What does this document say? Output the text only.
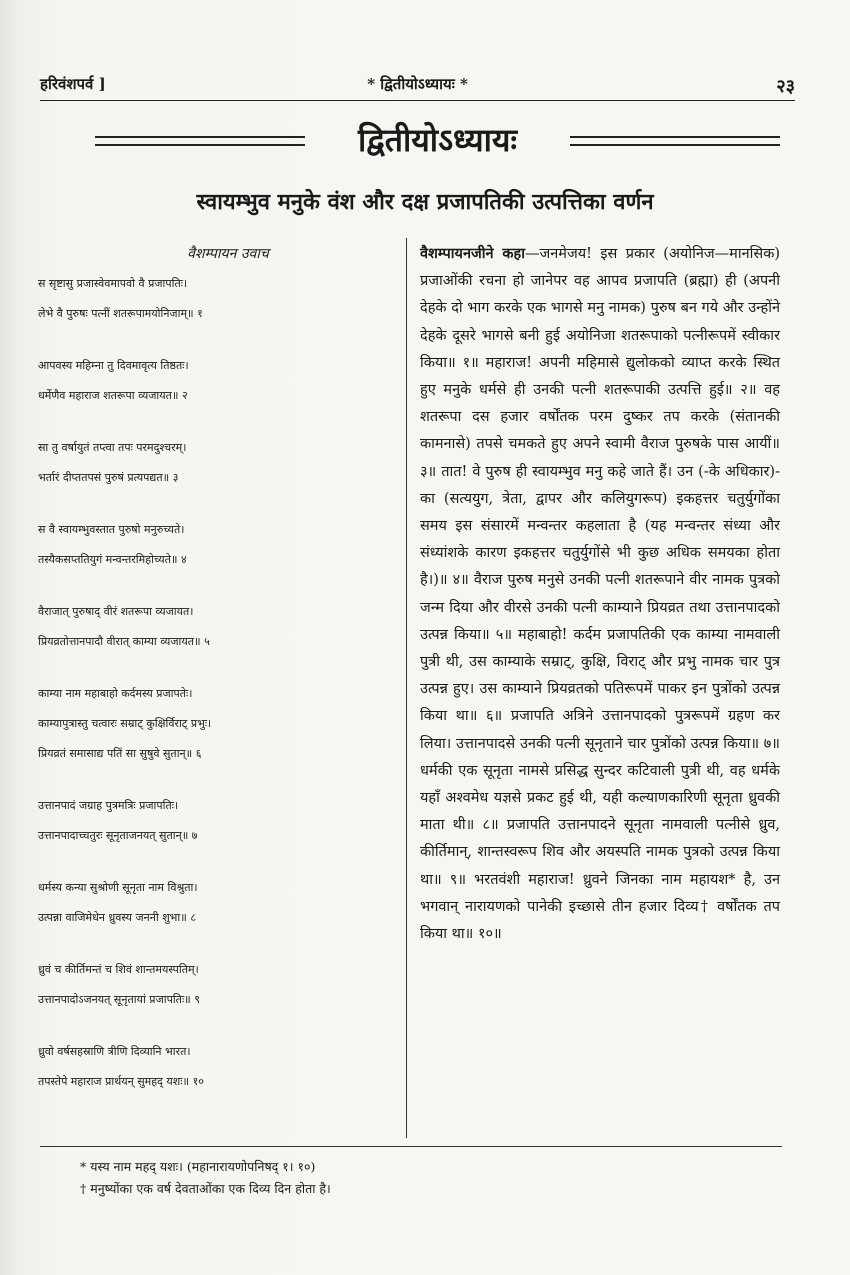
हरिवंशपर्व ]	* द्वितीयोऽध्यायः *	२३
द्वितीयोऽध्यायः
स्वायम्भुव मनुके वंश और दक्ष प्रजापतिकी उत्पत्तिका वर्णन
वैशम्पायन उवाच
स सृष्टासु प्रजास्वेवमापवो वै प्रजापतिः।
लेभे वै पुरुषः पत्नीं शतरूपामयोनिजाम्॥ १
आपवस्य महिम्ना तु दिवमावृत्य तिष्ठतः।
धर्मेणैव महाराज शतरूपा व्यजायत॥ २
सा तु वर्षायुतं तप्त्वा तपः परमदुश्चरम्।
भर्तारं दीप्ततपसं पुरुषं प्रत्यपद्यत॥ ३
स वै स्वायम्भुवस्तात पुरुषो मनुरुच्यते।
तस्यैकसप्ततियुगं मन्वन्तरमिहोच्यते॥ ४
वैराजात् पुरुषाद् वीरं शतरूपा व्यजायत।
प्रियव्रतोत्तानपादौ वीरात् काम्या व्यजायत॥ ५
काम्या नाम महाबाहो कर्दमस्य प्रजापतेः।
काम्यापुत्रास्तु चत्वारः सम्राट् कुक्षिर्विराट् प्रभुः।
प्रियव्रतं समासाद्य पतिं सा सुषुवे सुतान्॥ ६
उत्तानपादं जग्राह पुत्रमत्रिः प्रजापतिः।
उत्तानपादाच्चतुरः सूनृताजनयत् सुतान्॥ ७
धर्मस्य कन्या सुश्रोणी सूनृता नाम विश्रुता।
उत्पन्ना वाजिमेधेन ध्रुवस्य जननी शुभा॥ ८
ध्रुवं च कीर्तिमन्तं च शिवं शान्तमयस्पतिम्।
उत्तानपादोऽजनयत् सूनृतायां प्रजापतिः॥ ९
ध्रुवो वर्षसहस्राणि त्रीणि दिव्यानि भारत।
तपस्तेपे महाराज प्रार्थयन् सुमहद् यशः॥ १०
वैशम्पायनजीने कहा—जनमेजय! इस प्रकार (अयोनिज—मानसिक) प्रजाओंकी रचना हो जानेपर वह आपव प्रजापति (ब्रह्मा) ही (अपनी देहके दो भाग करके एक भागसे मनु नामक) पुरुष बन गये और उन्होंने देहके दूसरे भागसे बनी हुई अयोनिजा शतरूपाको पत्नीरूपमें स्वीकार किया॥ १॥ महाराज! अपनी महिमासे द्युलोकको व्याप्त करके स्थित हुए मनुके धर्मसे ही उनकी पत्नी शतरूपाकी उत्पत्ति हुई॥ २॥ वह शतरूपा दस हजार वर्षोंतक परम दुष्कर तप करके (संतानकी कामनासे) तपसे चमकते हुए अपने स्वामी वैराज पुरुषके पास आयीं॥ ३॥ तात! वे पुरुष ही स्वायम्भुव मनु कहे जाते हैं। उन (-के अधिकार)-का (सत्ययुग, त्रेता, द्वापर और कलियुगरूप) इकहत्तर चतुर्युगोंका समय इस संसारमें मन्वन्तर कहलाता है (यह मन्वन्तर संध्या और संध्यांशके कारण इकहत्तर चतुर्युगोंसे भी कुछ अधिक समयका होता है।)॥ ४॥ वैराज पुरुष मनुसे उनकी पत्नी शतरूपाने वीर नामक पुत्रको जन्म दिया और वीरसे उनकी पत्नी काम्याने प्रियव्रत तथा उत्तानपादको उत्पन्न किया॥ ५॥ महाबाहो! कर्दम प्रजापतिकी एक काम्या नामवाली पुत्री थी, उस काम्याके सम्राट्, कुक्षि, विराट् और प्रभु नामक चार पुत्र उत्पन्न हुए। उस काम्याने प्रियव्रतको पतिरूपमें पाकर इन पुत्रोंको उत्पन्न किया था॥ ६॥ प्रजापति अत्रिने उत्तानपादको पुत्ररूपमें ग्रहण कर लिया। उत्तानपादसे उनकी पत्नी सूनृताने चार पुत्रोंको उत्पन्न किया॥ ७॥ धर्मकी एक सूनृता नामसे प्रसिद्ध सुन्दर कटिवाली पुत्री थी, वह धर्मके यहाँ अश्वमेध यज्ञसे प्रकट हुई थी, यही कल्याणकारिणी सूनृता ध्रुवकी माता थी॥ ८॥ प्रजापति उत्तानपादने सूनृता नामवाली पत्नीसे ध्रुव, कीर्तिमान्, शान्तस्वरूप शिव और अयस्पति नामक पुत्रको उत्पन्न किया था॥ ९॥ भरतवंशी महाराज! ध्रुवने जिनका नाम महायश* है, उन भगवान् नारायणको पानेकी इच्छासे तीन हजार दिव्य† वर्षोंतक तप किया था॥ १०॥
* यस्य नाम महद् यशः। (महानारायणोपनिषद् १। १०)
† मनुष्योंका एक वर्ष देवताओंका एक दिव्य दिन होता है।
